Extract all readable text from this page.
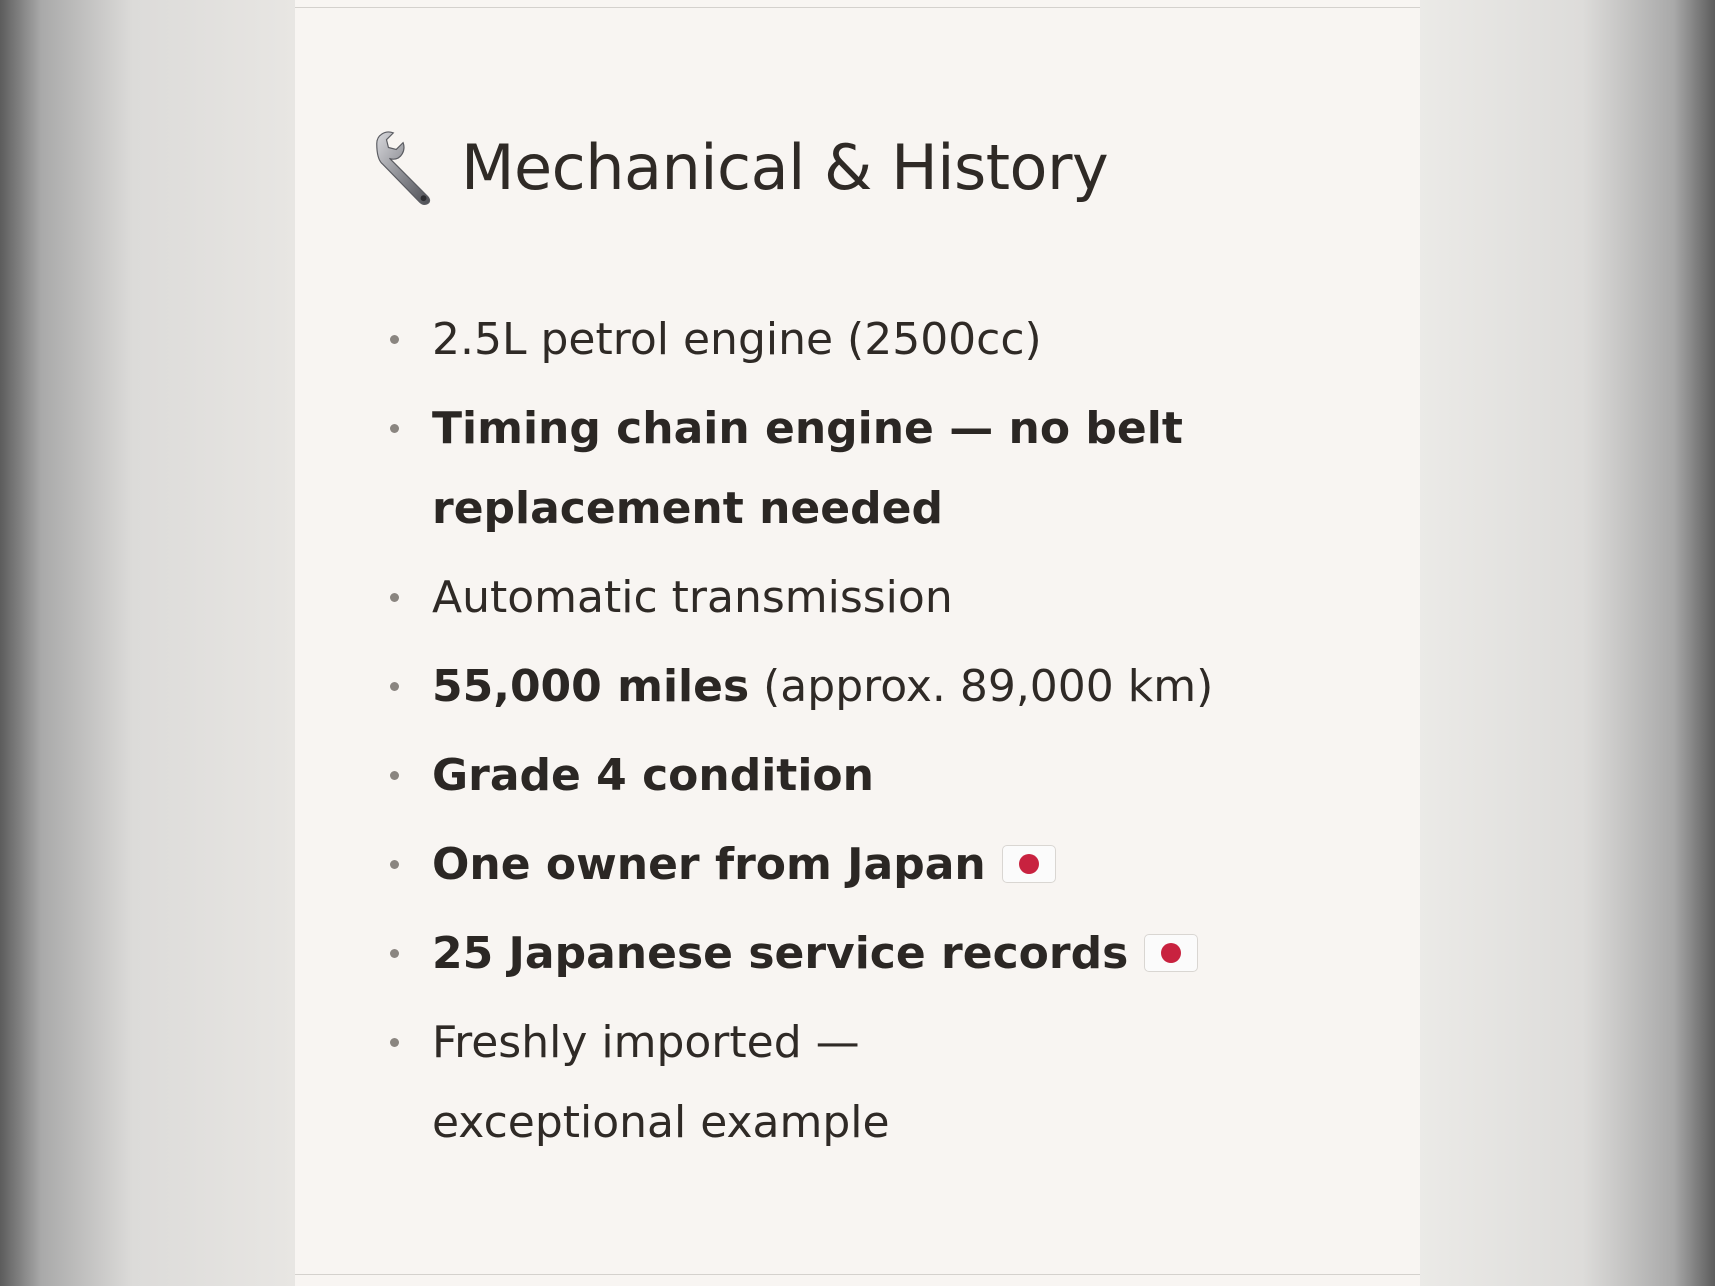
Mechanical & History
2.5L petrol engine (2500cc)
Timing chain engine — no belt
replacement needed
Automatic transmission
55,000 miles (approx. 89,000 km)
Grade 4 condition
One owner from Japan
25 Japanese service records
Freshly imported —
exceptional example
